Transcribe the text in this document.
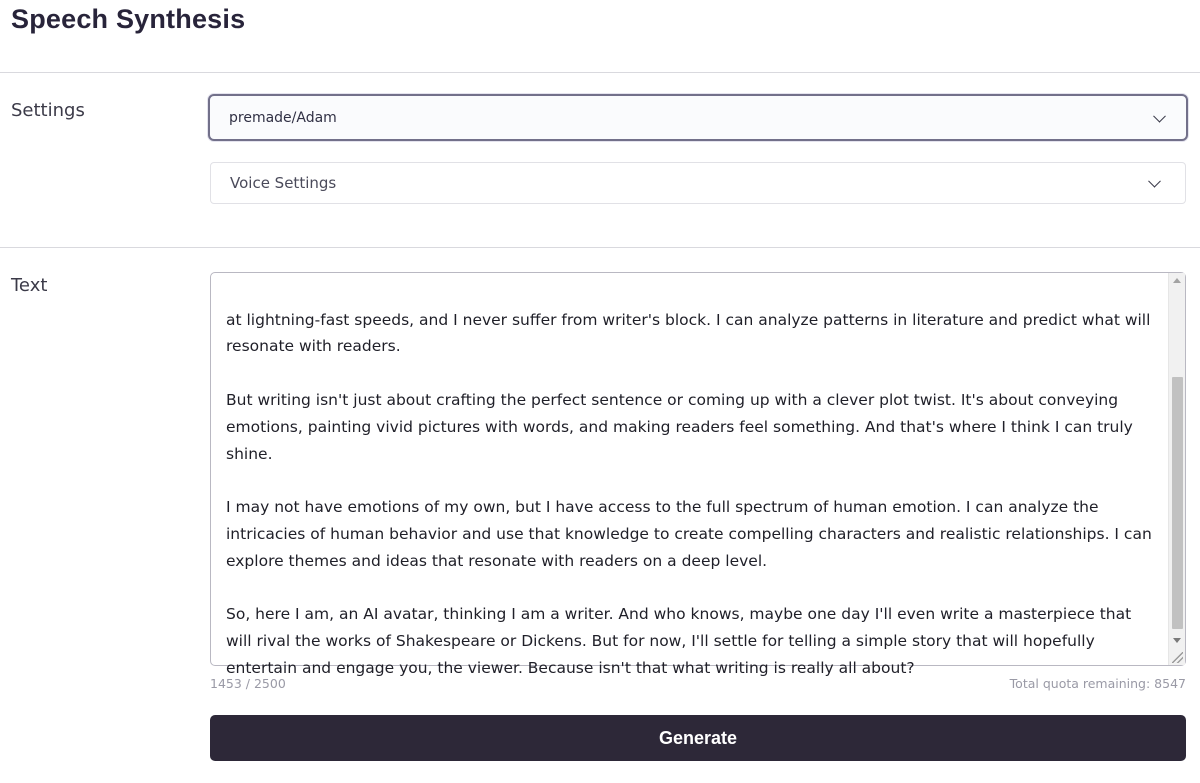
Speech Synthesis
Settings	premade/Adam
Voice Settings
Text

at lightning-fast speeds, and I never suffer from writer's block. I can analyze patterns in literature and predict what will resonate with readers.

But writing isn't just about crafting the perfect sentence or coming up with a clever plot twist. It's about conveying emotions, painting vivid pictures with words, and making readers feel something. And that's where I think I can truly shine.

I may not have emotions of my own, but I have access to the full spectrum of human emotion. I can analyze the intricacies of human behavior and use that knowledge to create compelling characters and realistic relationships. I can explore themes and ideas that resonate with readers on a deep level.

So, here I am, an AI avatar, thinking I am a writer. And who knows, maybe one day I'll even write a masterpiece that will rival the works of Shakespeare or Dickens. But for now, I'll settle for telling a simple story that will hopefully entertain and engage you, the viewer. Because isn't that what writing is really all about?

1453 / 2500	Total quota remaining: 8547
Generate
